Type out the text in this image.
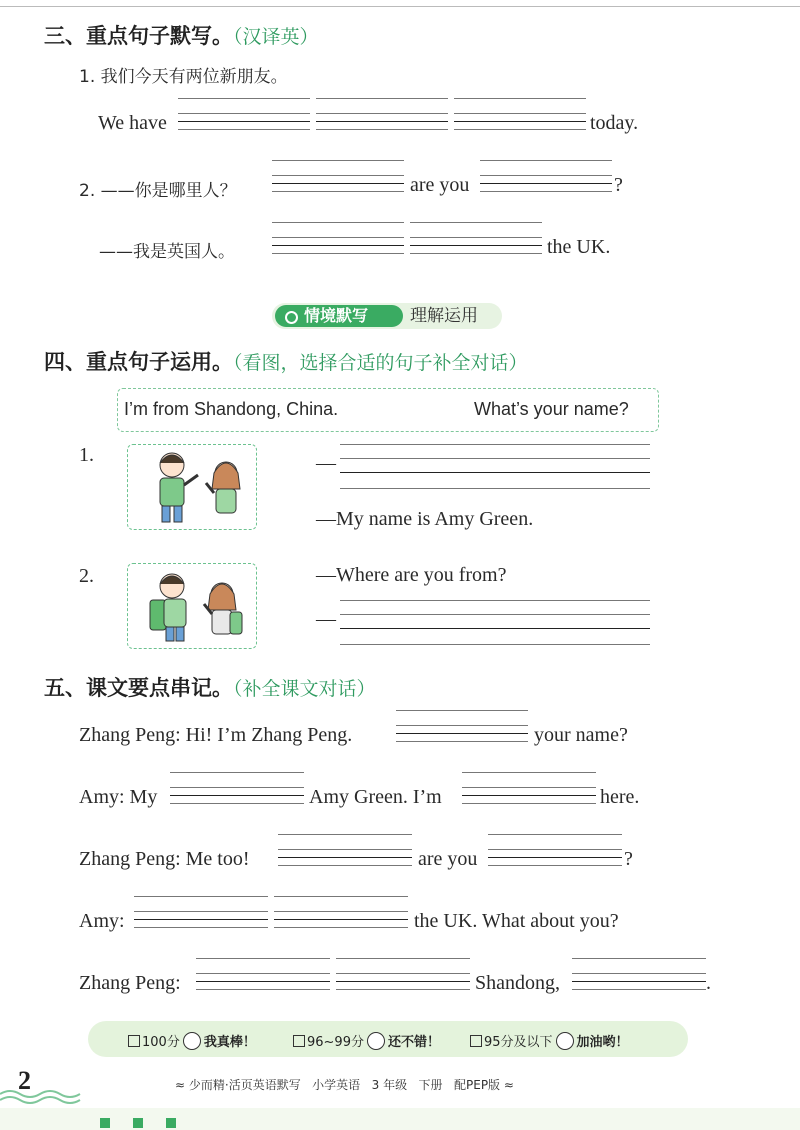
三、重点句子默写。（汉译英）
1. 我们今天有两位新朋友。
We have	today.
2. ——你是哪里人？	are you	?
——我是英国人。	the UK.
情境默写	理解运用
四、重点句子运用。（看图，选择合适的句子补全对话）
I’m from Shandong, China.	What’s your name?
1.	—
—My name is Amy Green.
2.	—Where are you from?
—
五、课文要点串记。（补全课文对话）
Zhang Peng: Hi! I’m Zhang Peng.	your name?
Amy: My	Amy Green. I’m	here.
Zhang Peng: Me too!	are you	?
Amy:	the UK. What about you?
Zhang Peng:	Shandong,	.
100分 我真棒！	96~99分 还不错！	95分及以下 加油哟！
2	≈ 少而精·活页英语默写 小学英语 3 年级 下册 配PEP版 ≈
